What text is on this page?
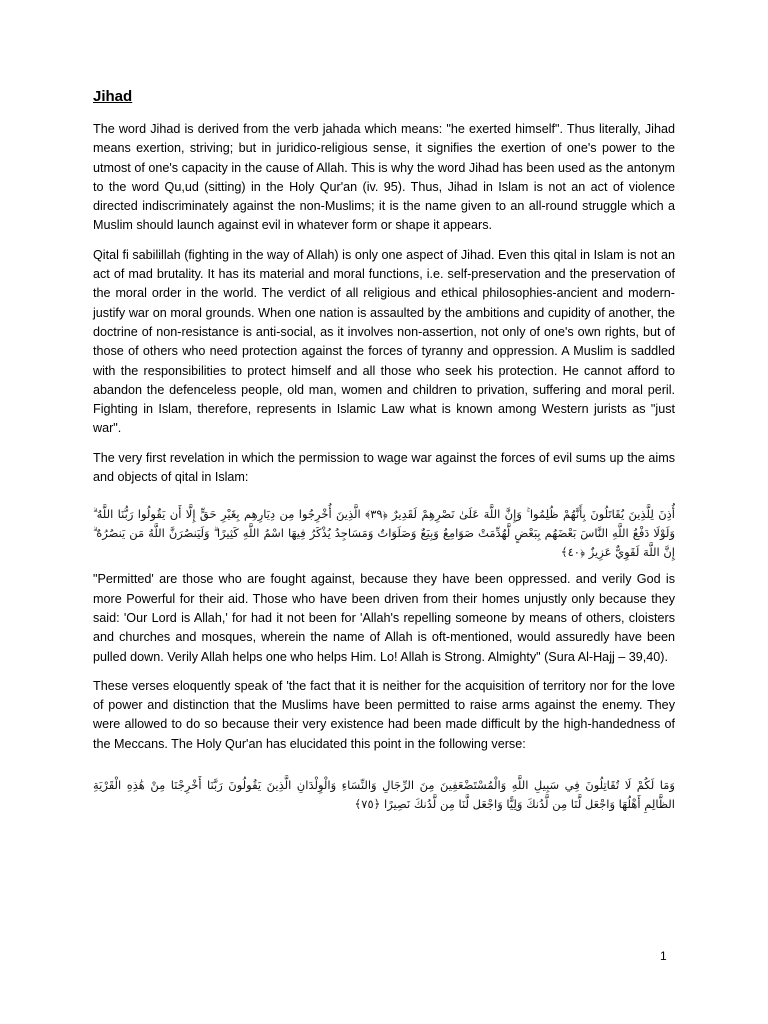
Jihad

The word Jihad is derived from the verb jahada which means: "he exerted himself". Thus literally, Jihad means exertion, striving; but in juridico-religious sense, it signifies the exertion of one's power to the utmost of one's capacity in the cause of Allah. This is why the word Jihad has been used as the antonym to the word Qu,ud (sitting) in the Holy Qur'an (iv. 95). Thus, Jihad in Islam is not an act of violence directed indiscriminately against the non-Muslims; it is the name given to an all-round struggle which a Muslim should launch against evil in whatever form or shape it appears.

Qital fi sabilillah (fighting in the way of Allah) is only one aspect of Jihad. Even this qital in Islam is not an act of mad brutality. It has its material and moral functions, i.e. self-preservation and the preservation of the moral order in the world. The verdict of all religious and ethical philosophies-ancient and modern-justify war on moral grounds. When one nation is assaulted by the ambitions and cupidity of another, the doctrine of non-resistance is anti-social, as it involves non-assertion, not only of one's own rights, but of those of others who need protection against the forces of tyranny and oppression. A Muslim is saddled with the responsibilities to protect himself and all those who seek his protection. He cannot afford to abandon the defenceless people, old man, women and children to privation, suffering and moral peril. Fighting in Islam, therefore, represents in Islamic Law what is known among Western jurists as "just war".

The very first revelation in which the permission to wage war against the forces of evil sums up the aims and objects of qital in Islam:

أُذِنَ لِلَّذِينَ يُقَاتَلُونَ بِأَنَّهُمْ ظُلِمُوا ۚ وَإِنَّ اللَّهَ عَلَىٰ نَصْرِهِمْ لَقَدِيرٌ ﴿٣٩﴾ الَّذِينَ أُخْرِجُوا مِن دِيَارِهِم بِغَيْرِ حَقٍّ إِلَّا أَن يَقُولُوا رَبُّنَا اللَّهُ ۗ وَلَوْلَا دَفْعُ اللَّهِ النَّاسَ بَعْضَهُم بِبَعْضٍ لَّهُدِّمَتْ صَوَامِعُ وَبِيَعٌ وَصَلَوَاتٌ وَمَسَاجِدُ يُذْكَرُ فِيهَا اسْمُ اللَّهِ كَثِيرًا ۗ وَلَيَنصُرَنَّ اللَّهُ مَن يَنصُرُهُ ۗ إِنَّ اللَّهَ لَقَوِيٌّ عَزِيزٌ ﴿٤٠﴾

"Permitted' are those who are fought against, because they have been oppressed. and verily God is more Powerful for their aid. Those who have been driven from their homes unjustly only because they said: 'Our Lord is Allah,' for had it not been for 'Allah's repelling someone by means of others, cloisters and churches and mosques, wherein the name of Allah is oft-mentioned, would assuredly have been pulled down. Verily Allah helps one who helps Him. Lo! Allah is Strong. Almighty" (Sura Al-Hajj – 39,40).

These verses eloquently speak of 'the fact that it is neither for the acquisition of territory nor for the love of power and distinction that the Muslims have been permitted to raise arms against the enemy. They were allowed to do so because their very existence had been made difficult by the high-handedness of the Meccans. The Holy Qur'an has elucidated this point in the following verse:

وَمَا لَكُمْ لَا تُقَاتِلُونَ فِي سَبِيلِ اللَّهِ وَالْمُسْتَضْعَفِينَ مِنَ الرِّجَالِ وَالنِّسَاءِ وَالْوِلْدَانِ الَّذِينَ يَقُولُونَ رَبَّنَا أَخْرِجْنَا مِنْ هَٰذِهِ الْقَرْيَةِ الظَّالِمِ أَهْلُهَا وَاجْعَل لَّنَا مِن لَّدُنكَ وَلِيًّا وَاجْعَل لَّنَا مِن لَّدُنكَ نَصِيرًا ﴿٧٥﴾

1
